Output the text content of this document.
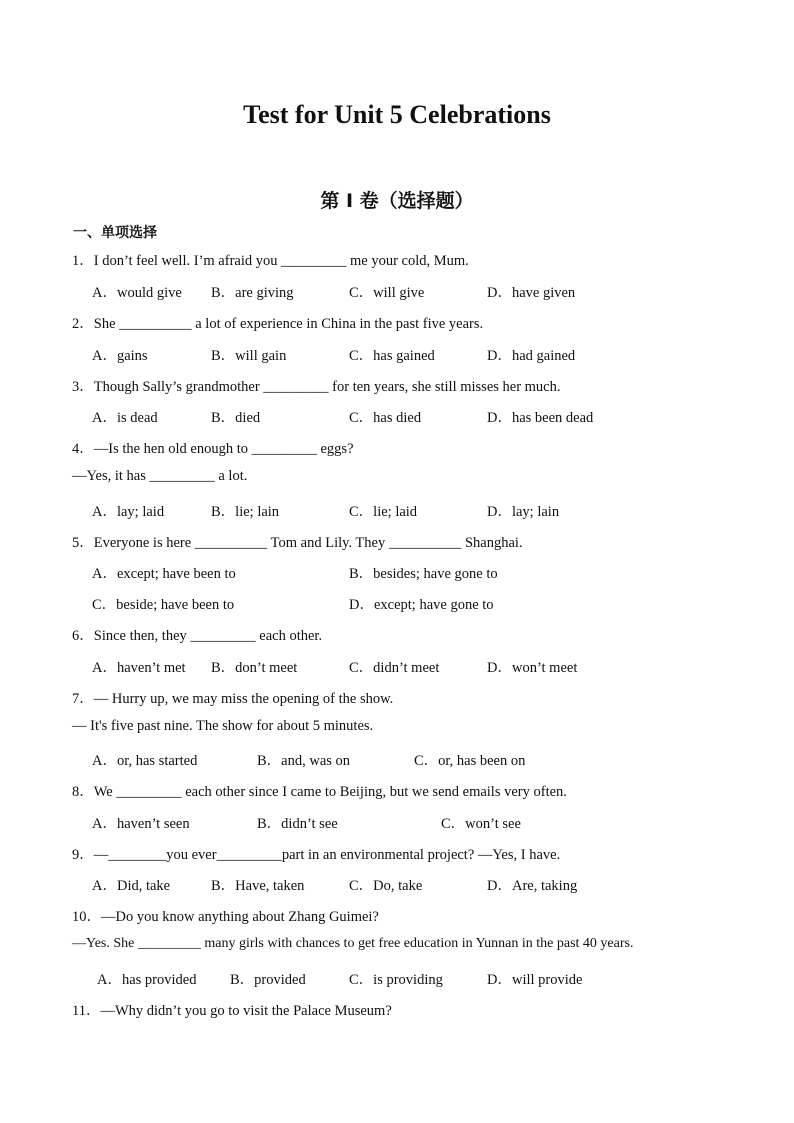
Test for Unit 5 Celebrations
第 I 卷（选择题）
一、单项选择
1．I don’t feel well. I’m afraid you _________ me your cold, Mum.
A．would give B．are giving	C．will give	D．have given
2．She __________ a lot of experience in China in the past five years.
A．gains	B．will gain	C．has gained	D．had gained
3．Though Sally’s grandmother _________ for ten years, she still misses her much.
A．is dead	B．died	C．has died	D．has been dead
4．—Is the hen old enough to _________ eggs?
—Yes, it has _________ a lot.
A．lay; laid	B．lie; lain	C．lie; laid	D．lay; lain
5．Everyone is here __________ Tom and Lily. They __________ Shanghai.
A．except; have been to	B．besides; have gone to
C．beside; have been to	D．except; have gone to
6．Since then, they _________ each other.
A．haven’t met B．don’t meet	C．didn’t meet	D．won’t meet
7．— Hurry up, we may miss the opening of the show.
— It's five past nine. The show for about 5 minutes.
A．or, has started	B．and, was on	C．or, has been on
8．We _________ each other since I came to Beijing, but we send emails very often.
A．haven’t seen	B．didn’t see	C．won’t see
9．—________you ever_________part in an environmental project? —Yes, I have.
A．Did, take	B．Have, taken	C．Do, take	D．Are, taking
10．—Do you know anything about Zhang Guimei?
—Yes. She _________ many girls with chances to get free education in Yunnan in the past 40 years.
A．has provided B．provided	C．is providing	D．will provide
11．—Why didn’t you go to visit the Palace Museum?
